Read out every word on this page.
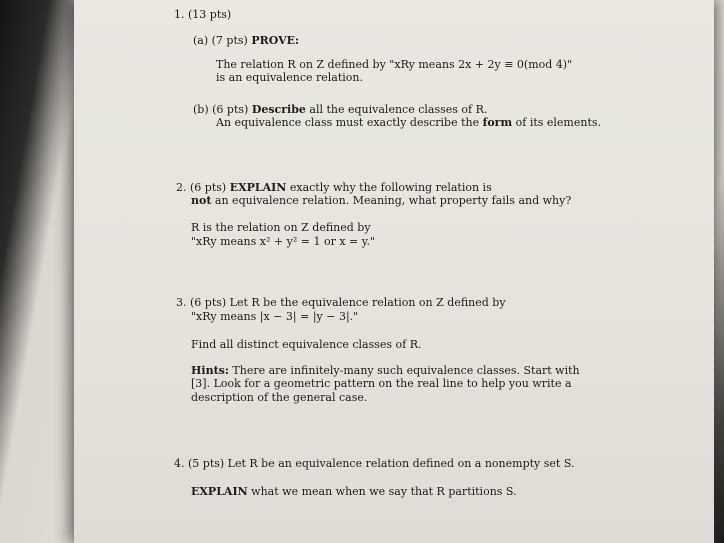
1. (13 pts)
(a) (7 pts) PROVE:
The relation R on Z defined by "xRy means 2x + 2y ≡ 0(mod 4)"
is an equivalence relation.
(b) (6 pts) Describe all the equivalence classes of R.
An equivalence class must exactly describe the form of its elements.
2. (6 pts) EXPLAIN exactly why the following relation is
not an equivalence relation. Meaning, what property fails and why?
R is the relation on Z defined by
"xRy means x² + y² = 1 or x = y."
3. (6 pts) Let R be the equivalence relation on Z defined by
"xRy means |x − 3| = |y − 3|."
Find all distinct equivalence classes of R.
Hints: There are infinitely-many such equivalence classes. Start with
[3]. Look for a geometric pattern on the real line to help you write a
description of the general case.
4. (5 pts) Let R be an equivalence relation defined on a nonempty set S.
EXPLAIN what we mean when we say that R partitions S.
